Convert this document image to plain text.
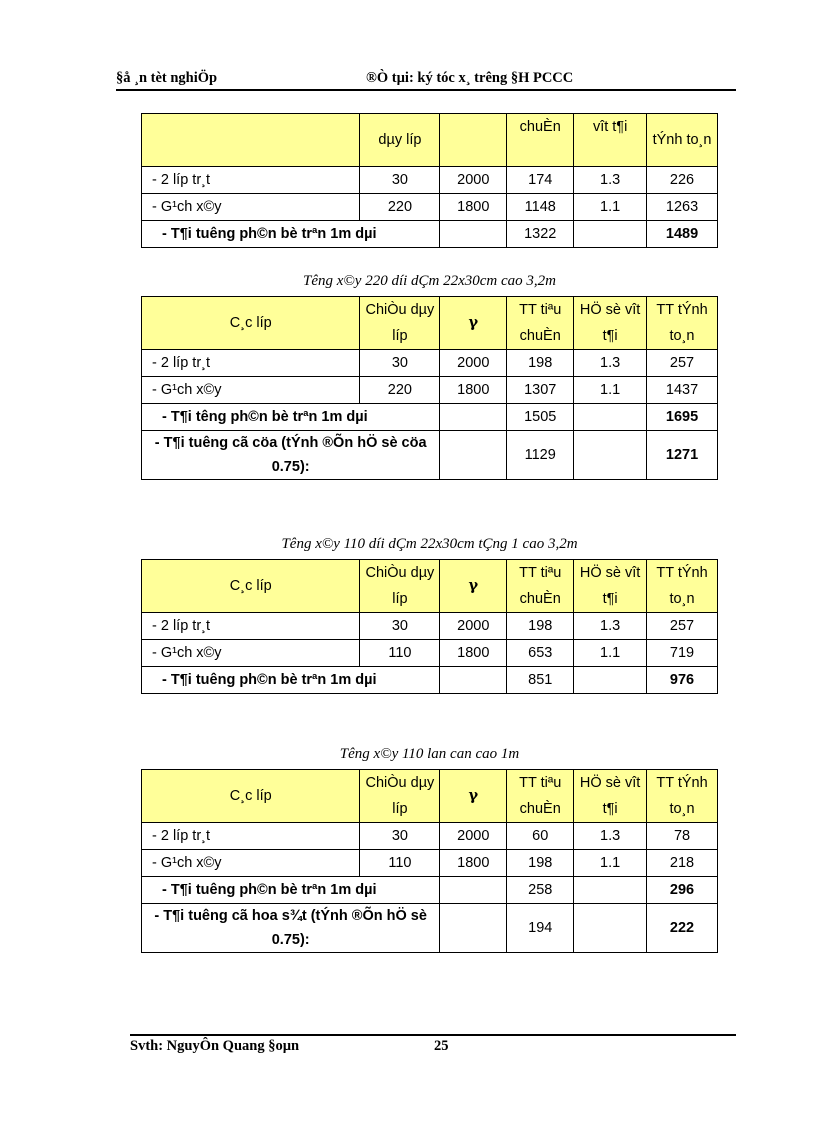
§å ¸n tèt nghiÖp	®Ò tµi: ký tóc x¸ trêng §H PCCC
	dµy líp		chuÈn	vît t¶i	tÝnh to¸n
- 2 líp tr¸t	30	2000	174	1.3	226
- G¹ch x©y	220	1800	1148	1.1	1263
- T¶i tuêng ph©n bè trªn 1m dµi			1322		1489
Têng x©y 220 díi dÇm 22x30cm cao 3,2m
C¸c líp	ChiÒu dµy líp	γ	TT tiªu chuÈn	HÖ sè vît t¶i	TT tÝnh to¸n
- 2 líp tr¸t	30	2000	198	1.3	257
- G¹ch x©y	220	1800	1307	1.1	1437
- T¶i têng ph©n bè trªn 1m dµi			1505		1695
- T¶i tuêng cã cöa (tÝnh ®Õn hÖ sè cöa 0.75):			1129		1271
Têng x©y 110 díi dÇm 22x30cm tÇng 1 cao 3,2m
C¸c líp	ChiÒu dµy líp	γ	TT tiªu chuÈn	HÖ sè vît t¶i	TT tÝnh to¸n
- 2 líp tr¸t	30	2000	198	1.3	257
- G¹ch x©y	110	1800	653	1.1	719
- T¶i tuêng ph©n bè trªn 1m dµi			851		976
Têng x©y 110 lan can cao 1m
C¸c líp	ChiÒu dµy líp	γ	TT tiªu chuÈn	HÖ sè vît t¶i	TT tÝnh to¸n
- 2 líp tr¸t	30	2000	60	1.3	78
- G¹ch x©y	110	1800	198	1.1	218
- T¶i tuêng ph©n bè trªn 1m dµi			258		296
- T¶i tuêng cã hoa s¾t (tÝnh ®Õn hÖ sè 0.75):			194		222
Svth: NguyÔn Quang §oµn	25
